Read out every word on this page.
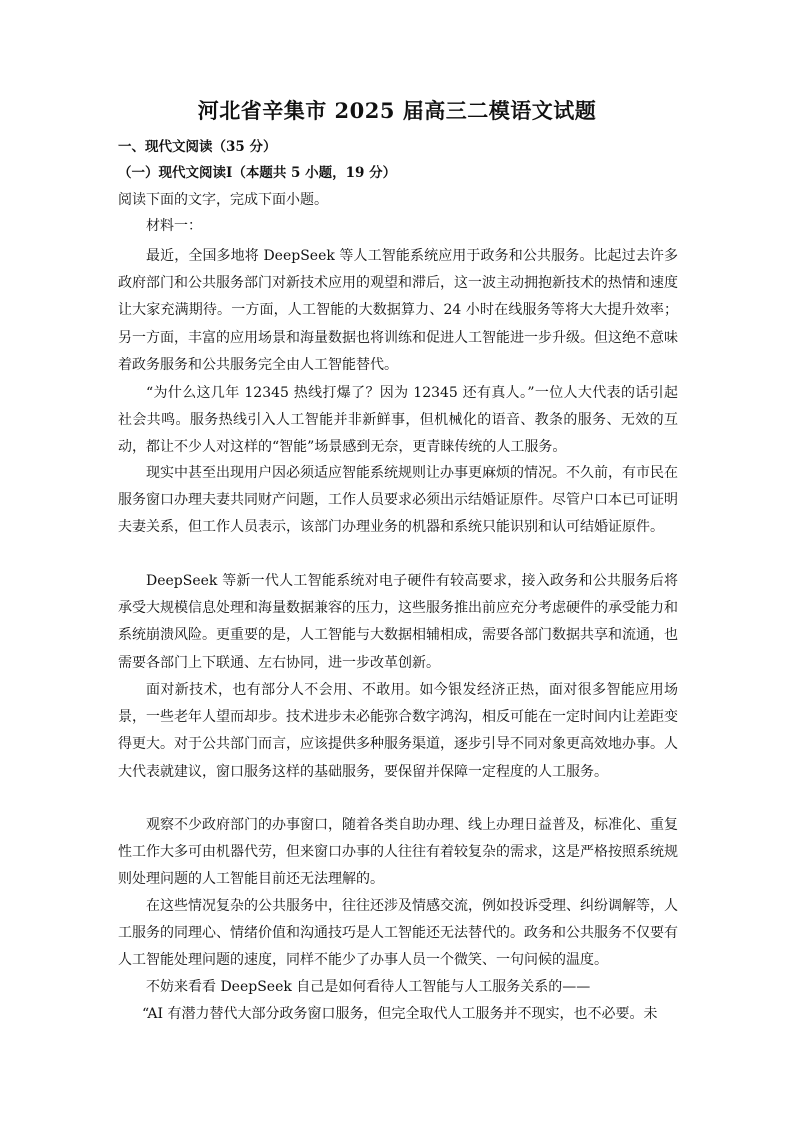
河北省辛集市 2025 届高三二模语文试题
一、现代文阅读（35 分）
（一）现代文阅读Ⅰ（本题共 5 小题，19 分）
阅读下面的文字，完成下面小题。
材料一：

最近，全国多地将 DeepSeek 等人工智能系统应用于政务和公共服务。比起过去许多政府部门和公共服务部门对新技术应用的观望和滞后，这一波主动拥抱新技术的热情和速度让大家充满期待。一方面，人工智能的大数据算力、24 小时在线服务等将大大提升效率；另一方面，丰富的应用场景和海量数据也将训练和促进人工智能进一步升级。但这绝不意味着政务服务和公共服务完全由人工智能替代。

“为什么这几年 12345 热线打爆了？因为 12345 还有真人。”一位人大代表的话引起社会共鸣。服务热线引入人工智能并非新鲜事，但机械化的语音、教条的服务、无效的互动，都让不少人对这样的“智能”场景感到无奈，更青睐传统的人工服务。

现实中甚至出现用户因必须适应智能系统规则让办事更麻烦的情况。不久前，有市民在服务窗口办理夫妻共同财产问题，工作人员要求必须出示结婚证原件。尽管户口本已可证明夫妻关系，但工作人员表示，该部门办理业务的机器和系统只能识别和认可结婚证原件。

DeepSeek 等新一代人工智能系统对电子硬件有较高要求，接入政务和公共服务后将承受大规模信息处理和海量数据兼容的压力，这些服务推出前应充分考虑硬件的承受能力和系统崩溃风险。更重要的是，人工智能与大数据相辅相成，需要各部门数据共享和流通，也需要各部门上下联通、左右协同，进一步改革创新。

面对新技术，也有部分人不会用、不敢用。如今银发经济正热，面对很多智能应用场景，一些老年人望而却步。技术进步未必能弥合数字鸿沟，相反可能在一定时间内让差距变得更大。对于公共部门而言，应该提供多种服务渠道，逐步引导不同对象更高效地办事。人大代表就建议，窗口服务这样的基础服务，要保留并保障一定程度的人工服务。

观察不少政府部门的办事窗口，随着各类自助办理、线上办理日益普及，标准化、重复性工作大多可由机器代劳，但来窗口办事的人往往有着较复杂的需求，这是严格按照系统规则处理问题的人工智能目前还无法理解的。

在这些情况复杂的公共服务中，往往还涉及情感交流，例如投诉受理、纠纷调解等，人工服务的同理心、情绪价值和沟通技巧是人工智能还无法替代的。政务和公共服务不仅要有人工智能处理问题的速度，同样不能少了办事人员一个微笑、一句问候的温度。

不妨来看看 DeepSeek 自己是如何看待人工智能与人工服务关系的——

“AI 有潜力替代大部分政务窗口服务，但完全取代人工服务并不现实，也不必要。未
